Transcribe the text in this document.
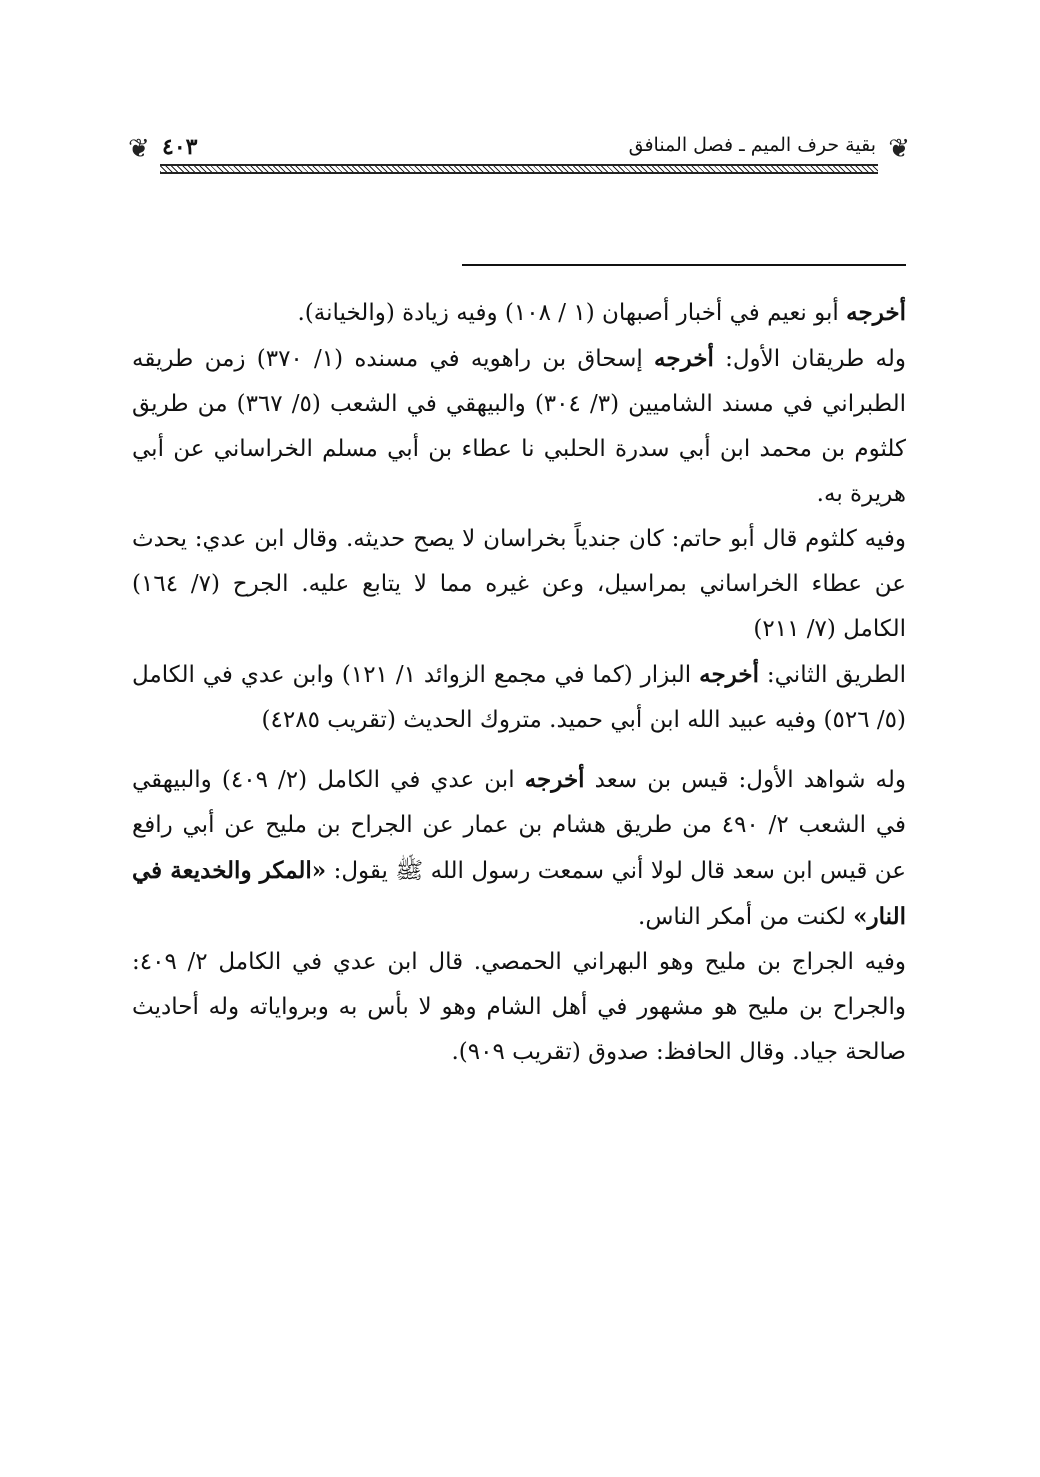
❦ ٤٠٣	بقية حرف الميم ـ فصل المنافق ❦

أخرجه أبو نعيم في أخبار أصبهان (١ / ١٠٨) وفيه زيادة (والخيانة).

وله طريقان الأول: أخرجه إسحاق بن راهويه في مسنده (١/ ٣٧٠) زمن طريقه الطبراني في مسند الشاميين (٣/ ٣٠٤) والبيهقي في الشعب (٥/ ٣٦٧) من طريق كلثوم بن محمد ابن أبي سدرة الحلبي نا عطاء بن أبي مسلم الخراساني عن أبي هريرة به.

وفيه كلثوم قال أبو حاتم: كان جندياً بخراسان لا يصح حديثه. وقال ابن عدي: يحدث عن عطاء الخراساني بمراسيل، وعن غيره مما لا يتابع عليه. الجرح (٧/ ١٦٤) الكامل (٧/ ٢١١)

الطريق الثاني: أخرجه البزار (كما في مجمع الزوائد ١/ ١٢١) وابن عدي في الكامل (٥/ ٥٢٦) وفيه عبيد الله ابن أبي حميد. متروك الحديث (تقريب ٤٢٨٥)

وله شواهد الأول: قيس بن سعد أخرجه ابن عدي في الكامل (٢/ ٤٠٩) والبيهقي في الشعب ٢/ ٤٩٠ من طريق هشام بن عمار عن الجراح بن مليح عن أبي رافع عن قيس ابن سعد قال لولا أني سمعت رسول الله ﷺ يقول: «المكر والخديعة في النار» لكنت من أمكر الناس.

وفيه الجراج بن مليح وهو البهراني الحمصي. قال ابن عدي في الكامل ٢/ ٤٠٩: والجراح بن مليح هو مشهور في أهل الشام وهو لا بأس به وبرواياته وله أحاديث صالحة جياد. وقال الحافظ: صدوق (تقريب ٩٠٩).
